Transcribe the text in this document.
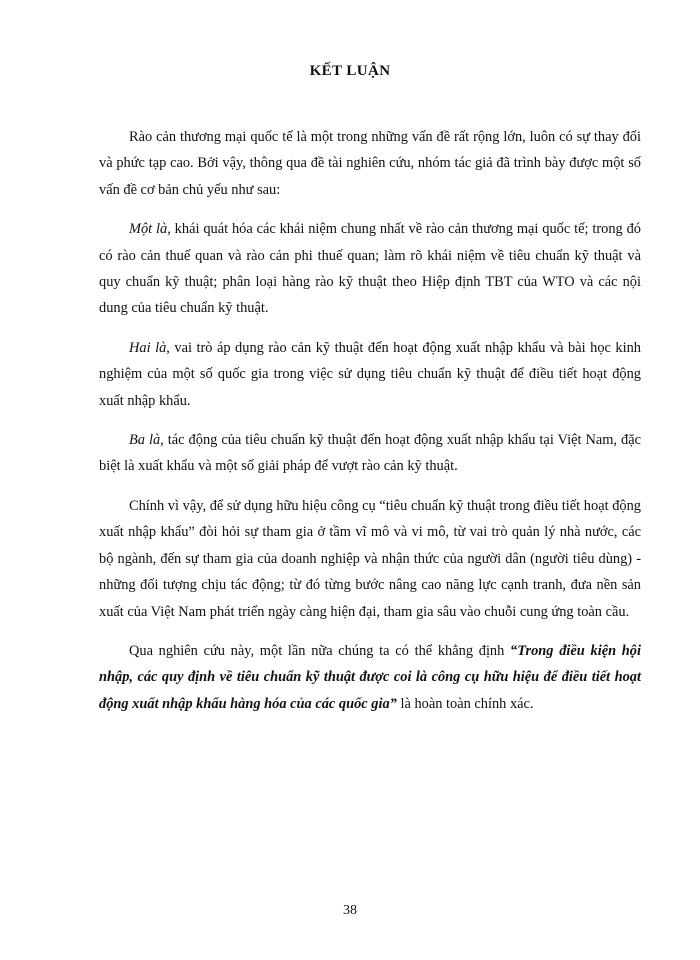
KẾT LUẬN

Rào cản thương mại quốc tế là một trong những vấn đề rất rộng lớn, luôn có sự thay đổi và phức tạp cao. Bởi vậy, thông qua đề tài nghiên cứu, nhóm tác giả đã trình bày được một số vấn đề cơ bản chủ yếu như sau:

Một là, khái quát hóa các khái niệm chung nhất về rào cản thương mại quốc tế; trong đó có rào cản thuế quan và rào cản phi thuế quan; làm rõ khái niệm về tiêu chuẩn kỹ thuật và quy chuẩn kỹ thuật; phân loại hàng rào kỹ thuật theo Hiệp định TBT của WTO và các nội dung của tiêu chuẩn kỹ thuật.

Hai là, vai trò áp dụng rào cản kỹ thuật đến hoạt động xuất nhập khẩu và bài học kinh nghiệm của một số quốc gia trong việc sử dụng tiêu chuẩn kỹ thuật để điều tiết hoạt động xuất nhập khẩu.

Ba là, tác động của tiêu chuẩn kỹ thuật đến hoạt động xuất nhập khẩu tại Việt Nam, đặc biệt là xuất khẩu và một số giải pháp để vượt rào cản kỹ thuật.

Chính vì vậy, để sử dụng hữu hiệu công cụ “tiêu chuẩn kỹ thuật trong điều tiết hoạt động xuất nhập khẩu” đòi hỏi sự tham gia ở tầm vĩ mô và vi mô, từ vai trò quản lý nhà nước, các bộ ngành, đến sự tham gia của doanh nghiệp và nhận thức của người dân (người tiêu dùng) - những đối tượng chịu tác động; từ đó từng bước nâng cao năng lực cạnh tranh, đưa nền sản xuất của Việt Nam phát triển ngày càng hiện đại, tham gia sâu vào chuỗi cung ứng toàn cầu.

Qua nghiên cứu này, một lần nữa chúng ta có thể khẳng định “Trong điều kiện hội nhập, các quy định về tiêu chuẩn kỹ thuật được coi là công cụ hữu hiệu để điều tiết hoạt động xuất nhập khẩu hàng hóa của các quốc gia” là hoàn toàn chính xác.

38
